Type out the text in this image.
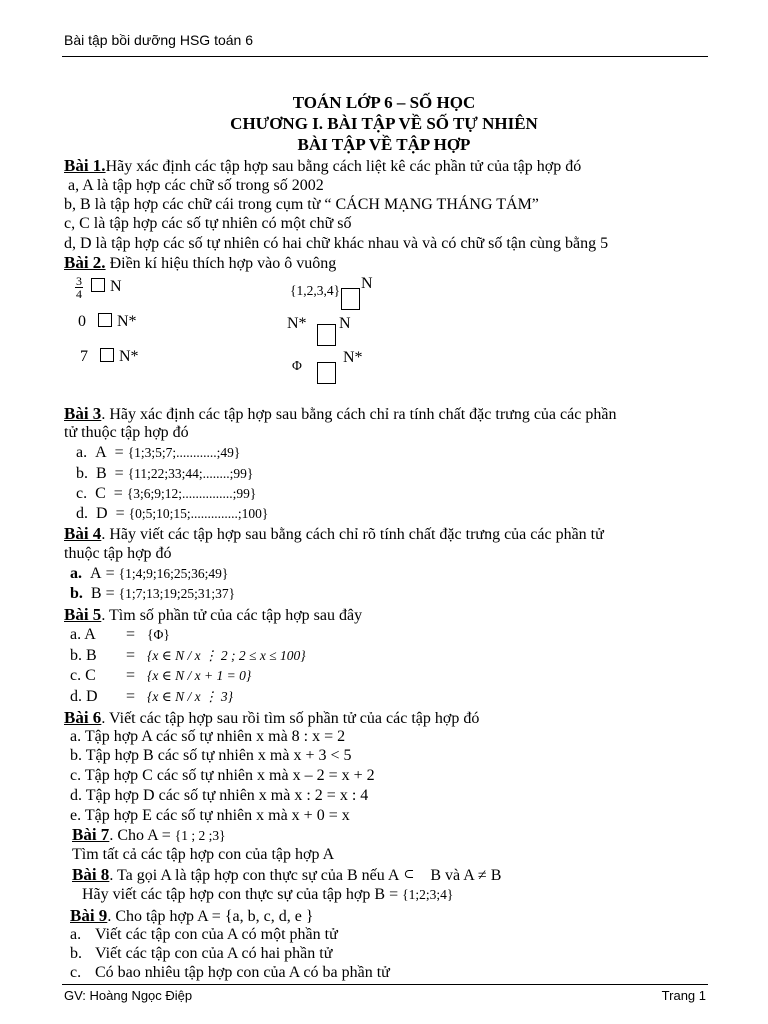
Bài tập bồi dưỡng HSG toán 6
TOÁN LỚP 6 – SỐ HỌC
CHƯƠNG I. BÀI TẬP VỀ SỐ TỰ NHIÊN
BÀI TẬP VỀ TẬP HỢP
Bài 1.Hãy xác định các tập hợp sau bằng cách liệt kê các phần tử của tập hợp đó
a, A là tập hợp các chữ số trong số 2002
b, B là tập hợp các chữ cái trong cụm từ “ CÁCH MẠNG THÁNG TÁM”
c, C là tập hợp các số tự nhiên có một chữ số
d, D là tập hợp các số tự nhiên có hai chữ khác nhau và và có chữ số tận cùng bằng 5
Bài 2. Điền kí hiệu thích hợp vào ô vuông
$\frac{3}{4}$ N
0 N*
7 N*
{1,2,3,4} N
N* N
Φ	N*
Bài 3. Hãy xác định các tập hợp sau bằng cách chỉ ra tính chất đặc trưng của các phần
tử thuộc tập hợp đó
a. A = {1;3;5;7;............;49}
b. B = {11;22;33;44;........;99}
c. C = {3;6;9;12;...............;99}
d. D = {0;5;10;15;..............;100}
Bài 4. Hãy viết các tập hợp sau bằng cách chỉ rõ tính chất đặc trưng của các phần tử
thuộc tập hợp đó
a. A = {1;4;9;16;25;36;49}
b. B = {1;7;13;19;25;31;37}
Bài 5. Tìm số phần tử của các tập hợp sau đây
a. A = {Φ}
b. B = {x ∈ N / x ⋮ 2 ; 2 ≤ x ≤ 100}
c. C = {x ∈ N / x + 1 = 0}
d. D = {x ∈ N / x ⋮ 3}
Bài 6. Viết các tập hợp sau rồi tìm số phần tử của các tập hợp đó
a. Tập hợp A các số tự nhiên x mà 8 : x = 2
b. Tập hợp B các số tự nhiên x mà x + 3 < 5
c. Tập hợp C các số tự nhiên x mà x – 2 = x + 2
d. Tập hợp D các số tự nhiên x mà x : 2 = x : 4
e. Tập hợp E các số tự nhiên x mà x + 0 = x
Bài 7. Cho A = {1 ; 2 ;3}
Tìm tất cả các tập hợp con của tập hợp A
Bài 8. Ta gọi A là tập hợp con thực sự của B nếu A ⊂ B và A ≠ B
Hãy viết các tập hợp con thực sự của tập hợp B = {1;2;3;4}
Bài 9. Cho tập hợp A = {a, b, c, d, e }
a. Viết các tập con của A có một phần tử
b. Viết các tập con của A có hai phần tử
c. Có bao nhiêu tập hợp con của A có ba phần tử
GV: Hoàng Ngọc Điệp	Trang 1
